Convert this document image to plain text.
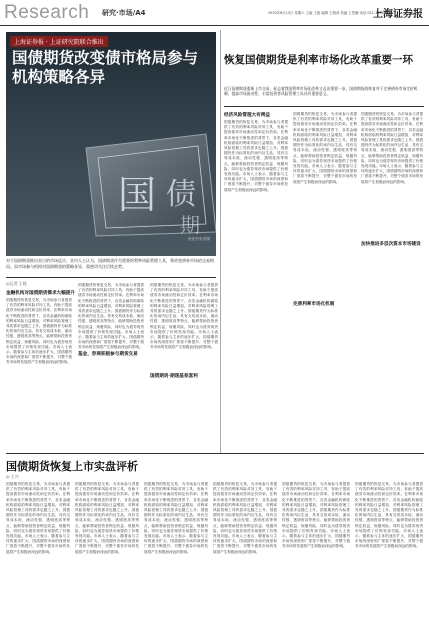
Research 研究·市场/A4	2020年6月13日 星期六 主编 王振 编辑 王晓萍 美编 王恩鹏 电话 021-38967820
上海证券报
上海证券报 · 上证研究院联合推出
国债期货改变债市格局参与机构策略各异
国 债
期
视觉中国 供图
对于国债期货推出首日的市场反应，业内人士认为，国债期货作为重要的利率风险管理工具，将改变债券市场的交易格局。而市场参与机构对国债期货的策略各异，需密切关注后续走势。
◎记者 王媛
金融机构对国债期货需求大幅提升
国债期货的恢复交易，为市场参与者提供了有效的利率风险对冲工具，有助于提高债券市场流动性和定价效率。在利率市场化不断推进的背景下，各类金融机构面临的利率风险日益增加，对利率风险管理工具的需求也随之上升。国债期货作为标准化的场内衍生品，具有交易成本低、流动性强、透明度高等特点，能够帮助投资者锁定收益、规避风险，同时也为债券现货市场提供了价格发现功能。市场人士表示，随着参与主体的逐步扩大，国债期货市场的深度和广度将不断提升，对整个债券市场的发展将产生积极而深远的影响。
国债期货的恢复交易，为市场参与者提供了有效的利率风险对冲工具，有助于提高债券市场流动性和定价效率。在利率市场化不断推进的背景下，各类金融机构面临的利率风险日益增加，对利率风险管理工具的需求也随之上升。国债期货作为标准化的场内衍生品，具有交易成本低、流动性强、透明度高等特点，能够帮助投资者锁定收益、规避风险，同时也为债券现货市场提供了价格发现功能。市场人士表示，随着参与主体的逐步扩大，国债期货市场的深度和广度将不断提升，对整个债券市场的发展将产生积极而深远的影响。
基金、券商积极参与期货交易
国债期货的恢复交易，为市场参与者提供了有效的利率风险对冲工具，有助于提高债券市场流动性和定价效率。在利率市场化不断推进的背景下，各类金融机构面临的利率风险日益增加，对利率风险管理工具的需求也随之上升。国债期货作为标准化的场内衍生品，具有交易成本低、流动性强、透明度高等特点，能够帮助投资者锁定收益、规避风险，同时也为债券现货市场提供了价格发现功能。市场人士表示，随着参与主体的逐步扩大，国债期货市场的深度和广度将不断提升，对整个债券市场的发展将产生积极而深远的影响。
国债期货·期现基差套利
恢复国债期货是利率市场化改革重要一环
近日国债期货重新上市交易，标志着我国利率市场化改革又迈出重要一步。国债期货的恢复对于完善债券市场定价机制、提高市场流动性、丰富投资者风险管理工具具有重要意义。
经济风险管理大有裨益
国债期货的恢复交易，为市场参与者提供了有效的利率风险对冲工具，有助于提高债券市场流动性和定价效率。在利率市场化不断推进的背景下，各类金融机构面临的利率风险日益增加，对利率风险管理工具的需求也随之上升。国债期货作为标准化的场内衍生品，具有交易成本低、流动性强、透明度高等特点，能够帮助投资者锁定收益、规避风险，同时也为债券现货市场提供了价格发现功能。市场人士表示，随着参与主体的逐步扩大，国债期货市场的深度和广度将不断提升，对整个债券市场的发展将产生积极而深远的影响。
国债期货的恢复交易，为市场参与者提供了有效的利率风险对冲工具，有助于提高债券市场流动性和定价效率。在利率市场化不断推进的背景下，各类金融机构面临的利率风险日益增加，对利率风险管理工具的需求也随之上升。国债期货作为标准化的场内衍生品，具有交易成本低、流动性强、透明度高等特点，能够帮助投资者锁定收益、规避风险，同时也为债券现货市场提供了价格发现功能。市场人士表示，随着参与主体的逐步扩大，国债期货市场的深度和广度将不断提升，对整个债券市场的发展将产生积极而深远的影响。
完善利率市场化机制
国债期货的恢复交易，为市场参与者提供了有效的利率风险对冲工具，有助于提高债券市场流动性和定价效率。在利率市场化不断推进的背景下，各类金融机构面临的利率风险日益增加，对利率风险管理工具的需求也随之上升。国债期货作为标准化的场内衍生品，具有交易成本低、流动性强、透明度高等特点，能够帮助投资者锁定收益、规避风险，同时也为债券现货市场提供了价格发现功能。市场人士表示，随着参与主体的逐步扩大，国债期货市场的深度和广度将不断提升，对整个债券市场的发展将产生积极而深远的影响。
加快推进多层次资本市场建设
国债期货恢复上市实盘评析
◎ 王兴
国债期货的恢复交易，为市场参与者提供了有效的利率风险对冲工具，有助于提高债券市场流动性和定价效率。在利率市场化不断推进的背景下，各类金融机构面临的利率风险日益增加，对利率风险管理工具的需求也随之上升。国债期货作为标准化的场内衍生品，具有交易成本低、流动性强、透明度高等特点，能够帮助投资者锁定收益、规避风险，同时也为债券现货市场提供了价格发现功能。市场人士表示，随着参与主体的逐步扩大，国债期货市场的深度和广度将不断提升，对整个债券市场的发展将产生积极而深远的影响。
国债期货的恢复交易，为市场参与者提供了有效的利率风险对冲工具，有助于提高债券市场流动性和定价效率。在利率市场化不断推进的背景下，各类金融机构面临的利率风险日益增加，对利率风险管理工具的需求也随之上升。国债期货作为标准化的场内衍生品，具有交易成本低、流动性强、透明度高等特点，能够帮助投资者锁定收益、规避风险，同时也为债券现货市场提供了价格发现功能。市场人士表示，随着参与主体的逐步扩大，国债期货市场的深度和广度将不断提升，对整个债券市场的发展将产生积极而深远的影响。
国债期货的恢复交易，为市场参与者提供了有效的利率风险对冲工具，有助于提高债券市场流动性和定价效率。在利率市场化不断推进的背景下，各类金融机构面临的利率风险日益增加，对利率风险管理工具的需求也随之上升。国债期货作为标准化的场内衍生品，具有交易成本低、流动性强、透明度高等特点，能够帮助投资者锁定收益、规避风险，同时也为债券现货市场提供了价格发现功能。市场人士表示，随着参与主体的逐步扩大，国债期货市场的深度和广度将不断提升，对整个债券市场的发展将产生积极而深远的影响。
国债期货的恢复交易，为市场参与者提供了有效的利率风险对冲工具，有助于提高债券市场流动性和定价效率。在利率市场化不断推进的背景下，各类金融机构面临的利率风险日益增加，对利率风险管理工具的需求也随之上升。国债期货作为标准化的场内衍生品，具有交易成本低、流动性强、透明度高等特点，能够帮助投资者锁定收益、规避风险，同时也为债券现货市场提供了价格发现功能。市场人士表示，随着参与主体的逐步扩大，国债期货市场的深度和广度将不断提升，对整个债券市场的发展将产生积极而深远的影响。
国债期货的恢复交易，为市场参与者提供了有效的利率风险对冲工具，有助于提高债券市场流动性和定价效率。在利率市场化不断推进的背景下，各类金融机构面临的利率风险日益增加，对利率风险管理工具的需求也随之上升。国债期货作为标准化的场内衍生品，具有交易成本低、流动性强、透明度高等特点，能够帮助投资者锁定收益、规避风险，同时也为债券现货市场提供了价格发现功能。市场人士表示，随着参与主体的逐步扩大，国债期货市场的深度和广度将不断提升，对整个债券市场的发展将产生积极而深远的影响。
国债期货的恢复交易，为市场参与者提供了有效的利率风险对冲工具，有助于提高债券市场流动性和定价效率。在利率市场化不断推进的背景下，各类金融机构面临的利率风险日益增加，对利率风险管理工具的需求也随之上升。国债期货作为标准化的场内衍生品，具有交易成本低、流动性强、透明度高等特点，能够帮助投资者锁定收益、规避风险，同时也为债券现货市场提供了价格发现功能。市场人士表示，随着参与主体的逐步扩大，国债期货市场的深度和广度将不断提升，对整个债券市场的发展将产生积极而深远的影响。
